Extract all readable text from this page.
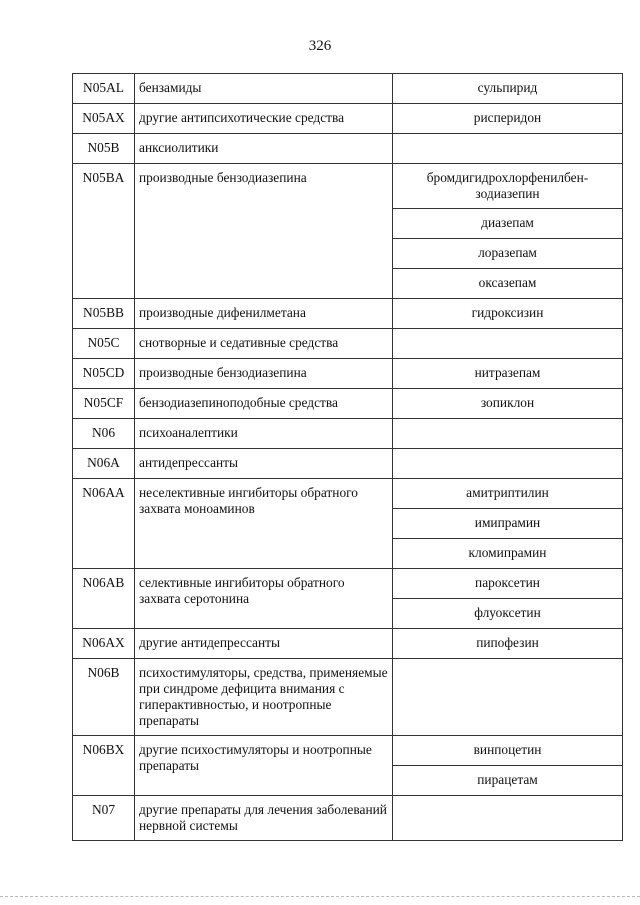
326
N05AL	бензамиды	сульпирид
N05AX	другие антипсихотические средства	рисперидон
N05B	анксиолитики	
N05BA	производные бензодиазепина	бромдигидрохлорфенилбен-зодиазепин
		диазепам
		лоразепам
		оксазепам
N05BB	производные дифенилметана	гидроксизин
N05C	снотворные и седативные средства	
N05CD	производные бензодиазепина	нитразепам
N05CF	бензодиазепиноподобные средства	зопиклон
N06	психоаналептики	
N06A	антидепрессанты	
N06AA	неселективные ингибиторы обратного захвата моноаминов	амитриптилин
		имипрамин
		кломипрамин
N06AB	селективные ингибиторы обратного захвата серотонина	пароксетин
		флуоксетин
N06AX	другие антидепрессанты	пипофезин
N06B	психостимуляторы, средства, применяемые при синдроме дефицита внимания с гиперактивностью, и ноотропные препараты	
N06BX	другие психостимуляторы и ноотропные препараты	винпоцетин
		пирацетам
N07	другие препараты для лечения заболеваний нервной системы	
